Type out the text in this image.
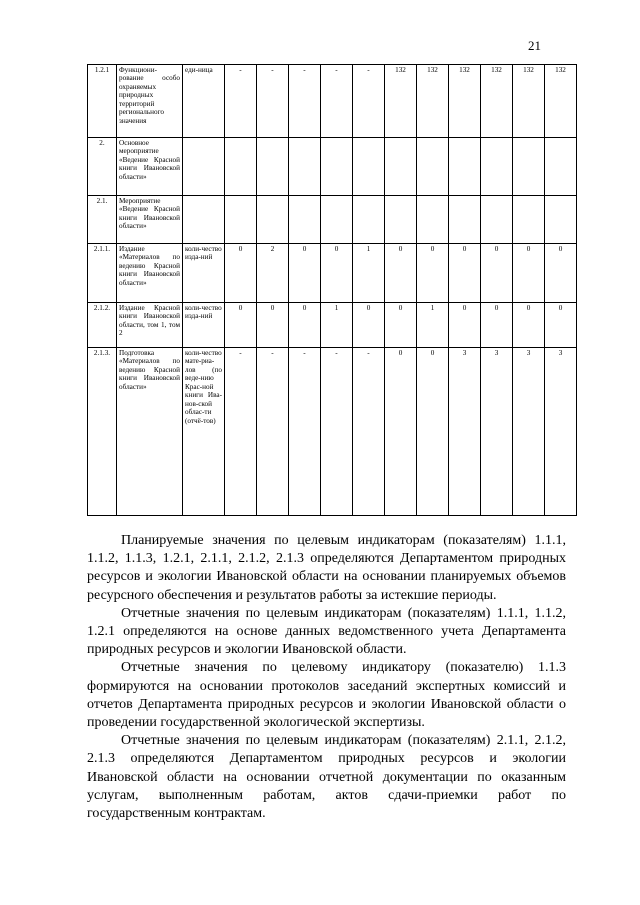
21
1.2.1	Функциони-рование особо охраняемых природных территорий регионального значения	еди-ница	-	-	-	-	-	132	132	132	132	132	132
2.	Основное мероприятие «Ведение Красной книги Ивановской области»												
2.1.	Мероприятие «Ведение Красной книги Ивановской области»												
2.1.1.	Издание «Материалов по ведению Красной книги Ивановской области»	коли-чество изда-ний	0	2	0	0	1	0	0	0	0	0	0
2.1.2.	Издание Красной книги Ивановской области, том 1, том 2	коли-чество изда-ний	0	0	0	1	0	0	1	0	0	0	0
2.1.3.	Подготовка «Материалов по ведению Красной книги Ивановской области»	коли-чество мате-риа-лов (по веде-нию Крас-ной книги Ива-нов-ской облас-ти (отчё-тов)	-	-	-	-	-	0	0	3	3	3	3

Планируемые значения по целевым индикаторам (показателям) 1.1.1, 1.1.2, 1.1.3, 1.2.1, 2.1.1, 2.1.2, 2.1.3 определяются Департаментом природных ресурсов и экологии Ивановской области на основании планируемых объемов ресурсного обеспечения и результатов работы за истекшие периоды.

Отчетные значения по целевым индикаторам (показателям) 1.1.1, 1.1.2, 1.2.1 определяются на основе данных ведомственного учета Департамента природных ресурсов и экологии Ивановской области.

Отчетные значения по целевому индикатору (показателю) 1.1.3 формируются на основании протоколов заседаний экспертных комиссий и отчетов Департамента природных ресурсов и экологии Ивановской области о проведении государственной экологической экспертизы.

Отчетные значения по целевым индикаторам (показателям) 2.1.1, 2.1.2, 2.1.3 определяются Департаментом природных ресурсов и экологии Ивановской области на основании отчетной документации по оказанным услугам, выполненным работам, актов сдачи-приемки работ по государственным контрактам.
